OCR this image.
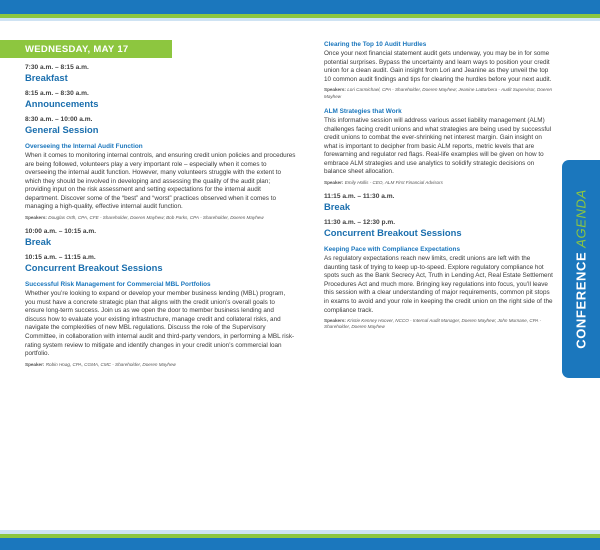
WEDNESDAY, MAY 17
7:30 a.m. – 8:15 a.m.
Breakfast
8:15 a.m. – 8:30 a.m.
Announcements
8:30 a.m. – 10:00 a.m.
General Session
Overseeing the Internal Audit Function
When it comes to monitoring internal controls, and ensuring credit union policies and procedures are being followed, volunteers play a very important role – especially when it comes to overseeing the internal audit function. However, many volunteers struggle with the extent to which they should be involved in developing and assessing the quality of the audit plan; providing input on the risk assessment and setting expectations for the internal audit department. Discover some of the “best” and “worst” practices observed when it comes to managing a high-quality, effective internal audit function.
Speakers: Douglas Orth, CPA, CFE - Shareholder, Doeren Mayhew; Bob Parks, CPA - Shareholder, Doeren Mayhew
10:00 a.m. – 10:15 a.m.
Break
10:15 a.m. – 11:15 a.m.
Concurrent Breakout Sessions
Successful Risk Management for Commercial MBL Portfolios
Whether you’re looking to expand or develop your member business lending (MBL) program, you must have a concrete strategic plan that aligns with the credit union’s overall goals to ensure long-term success. Join us as we open the door to member business lending and discuss how to evaluate your existing infrastructure, manage credit and collateral risks, and navigate the complexities of new MBL regulations. Discuss the role of the Supervisory Committee, in collaboration with internal audit and third-party vendors, in performing a MBL risk-rating system review to mitigate and identify changes in your credit union’s commercial loan portfolio.
Speaker: Robin Hoag, CPA, CGMA, CMC - Shareholder, Doeren Mayhew
Clearing the Top 10 Audit Hurdles
Once your next financial statement audit gets underway, you may be in for some potential surprises. Bypass the uncertainty and learn ways to position your credit union for a clean audit. Gain insight from Lori and Jeanine as they unveil the top 10 common audit findings and tips for clearing the hurdles before your next audit.
Speakers: Lori Carmichael, CPA - Shareholder, Doeren Mayhew; Jeanine LaBarbera - Audit Supervisor, Doeren Mayhew
ALM Strategies that Work
This informative session will address various asset liability management (ALM) challenges facing credit unions and what strategies are being used by successful credit unions to combat the ever-shrinking net interest margin. Gain insight on what is important to decipher from basic ALM reports, metric levels that are forewarning and regulator red flags. Real-life examples will be given on how to embrace ALM strategies and use analytics to solidify strategic decisions on balance sheet allocation.
Speaker: Emily Hollis - CEO, ALM First Financial Advisors
11:15 a.m. – 11:30 a.m.
Break
11:30 a.m. – 12:30 p.m.
Concurrent Breakout Sessions
Keeping Pace with Compliance Expectations
As regulatory expectations reach new limits, credit unions are left with the daunting task of trying to keep up-to-speed. Explore regulatory compliance hot spots such as the Bank Secrecy Act, Truth in Lending Act, Real Estate Settlement Procedures Act and much more. Bringing key regulations into focus, you’ll leave this session with a clear understanding of major requirements, common pit stops in exams to avoid and your role in keeping the credit union on the right side of the compliance track.
Speakers: Kristie Kenney Hoover, NCCO - Internal Audit Manager, Doeren Mayhew; John Murnane, CPA - Shareholder, Doeren Mayhew	CONFERENCEAGENDA
